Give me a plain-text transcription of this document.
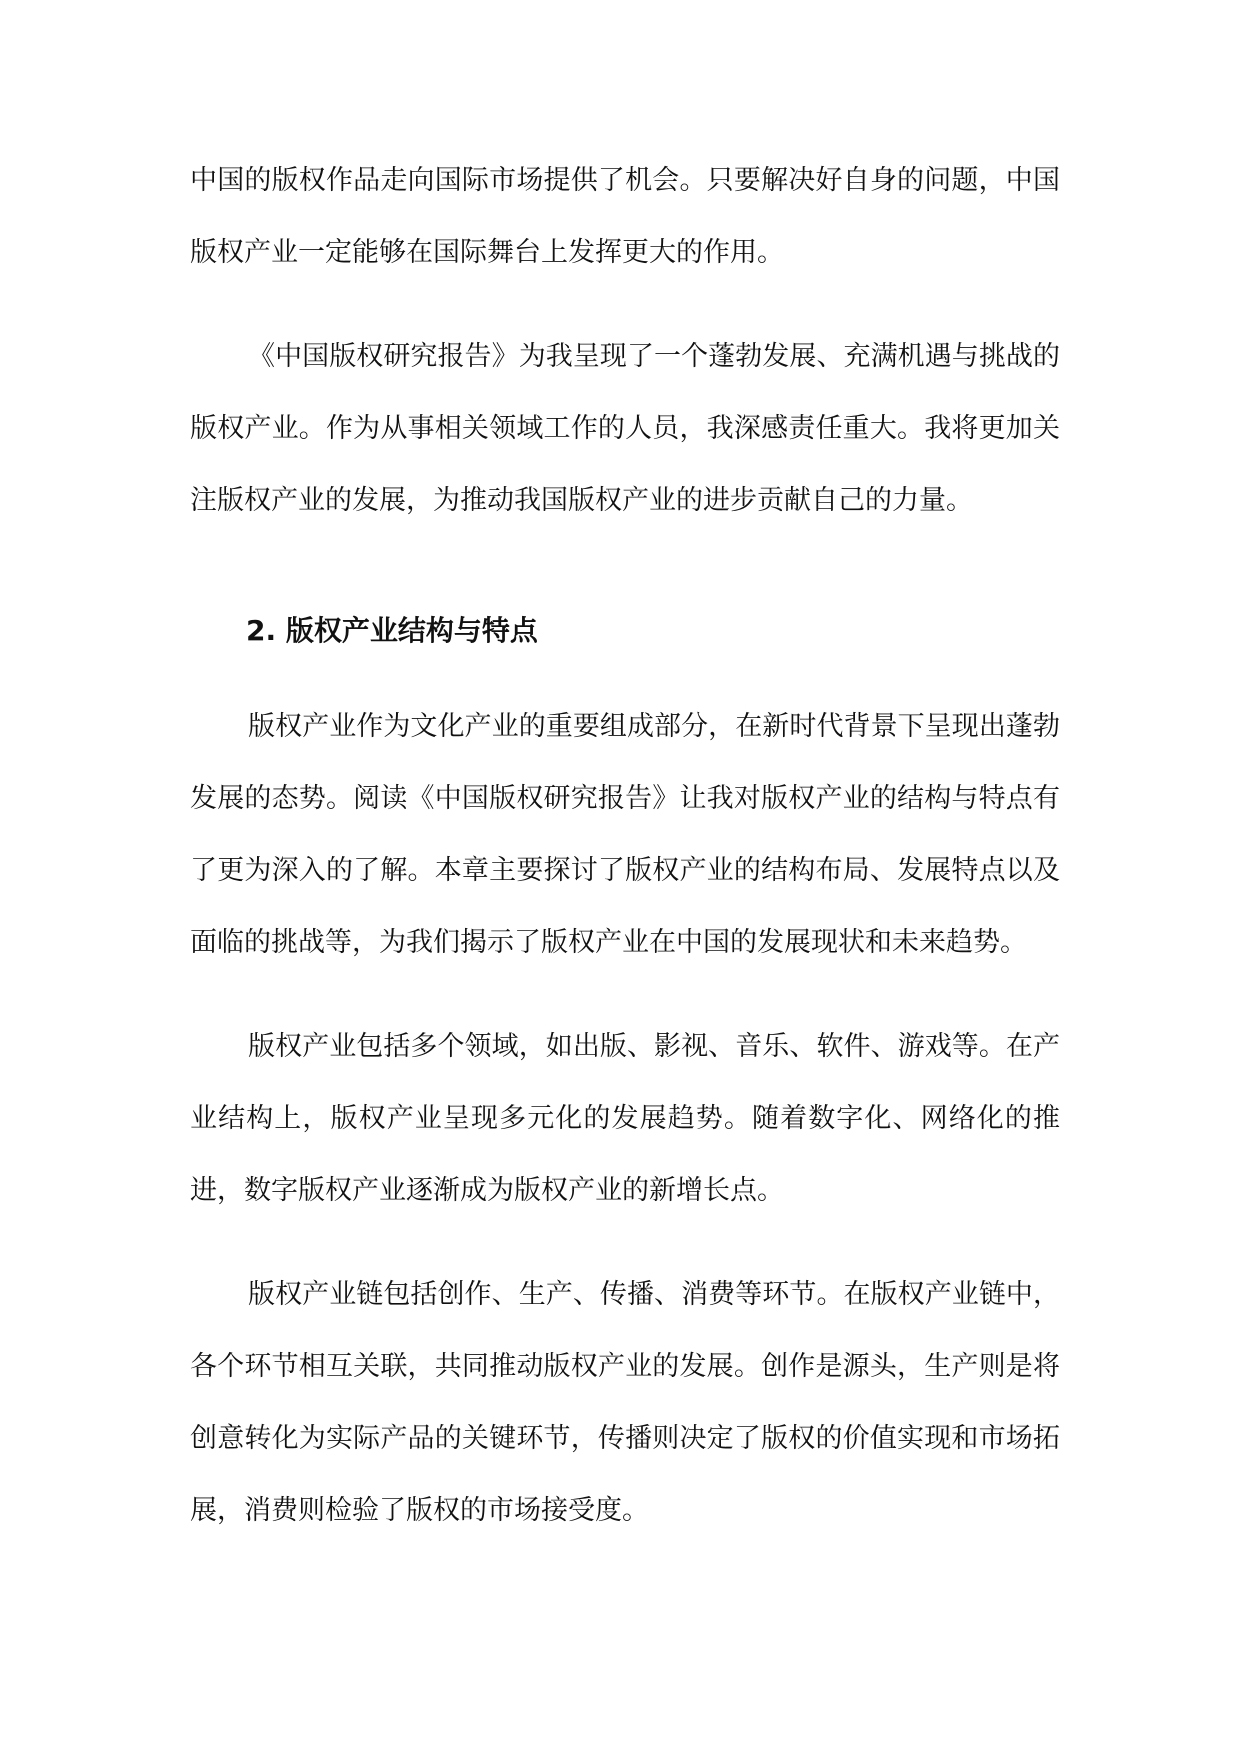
中国的版权作品走向国际市场提供了机会。只要解决好自身的问题，中国版权产业一定能够在国际舞台上发挥更大的作用。

《中国版权研究报告》为我呈现了一个蓬勃发展、充满机遇与挑战的版权产业。作为从事相关领域工作的人员，我深感责任重大。我将更加关注版权产业的发展，为推动我国版权产业的进步贡献自己的力量。

2. 版权产业结构与特点

版权产业作为文化产业的重要组成部分，在新时代背景下呈现出蓬勃发展的态势。阅读《中国版权研究报告》让我对版权产业的结构与特点有了更为深入的了解。本章主要探讨了版权产业的结构布局、发展特点以及面临的挑战等，为我们揭示了版权产业在中国的发展现状和未来趋势。

版权产业包括多个领域，如出版、影视、音乐、软件、游戏等。在产业结构上，版权产业呈现多元化的发展趋势。随着数字化、网络化的推进，数字版权产业逐渐成为版权产业的新增长点。

版权产业链包括创作、生产、传播、消费等环节。在版权产业链中，各个环节相互关联，共同推动版权产业的发展。创作是源头，生产则是将创意转化为实际产品的关键环节，传播则决定了版权的价值实现和市场拓展，消费则检验了版权的市场接受度。
